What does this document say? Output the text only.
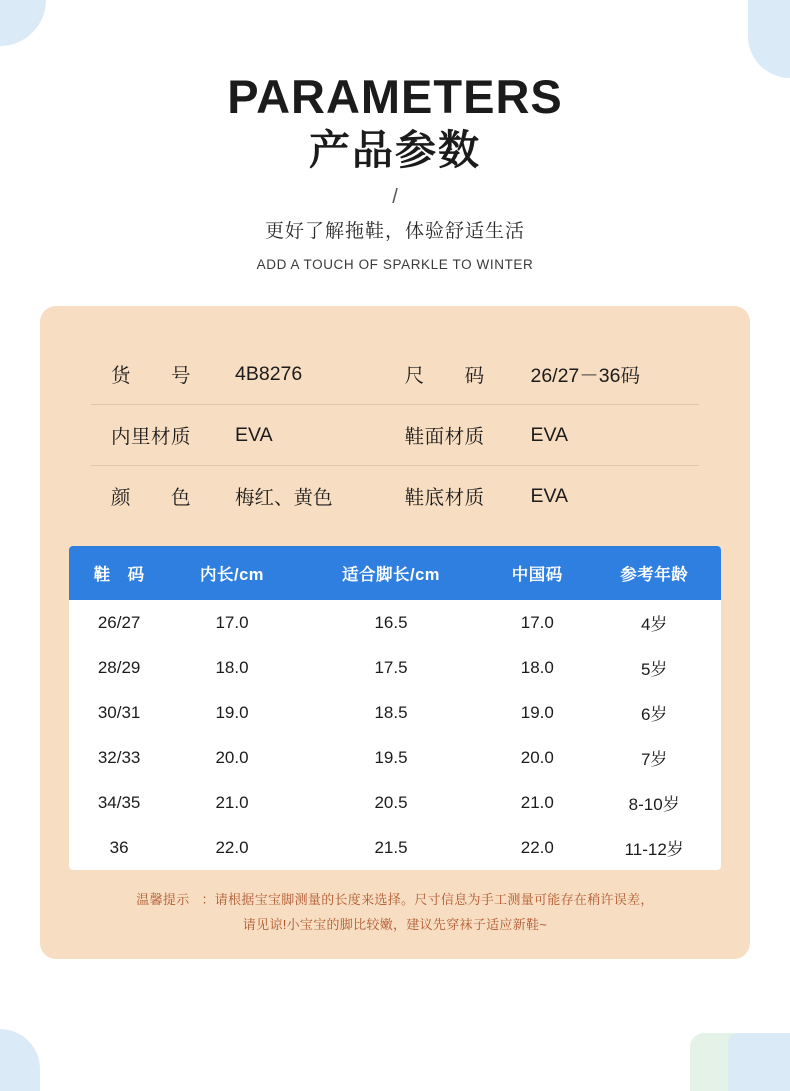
PARAMETERS
产品参数
/
更好了解拖鞋，体验舒适生活
ADD A TOUCH OF SPARKLE TO WINTER
货　　号	4B8276	尺　　码	26/27－36码
内里材质	EVA	鞋面材质	EVA
颜　　色	梅红、黄色	鞋底材质	EVA
鞋　码	内长/cm	适合脚长/cm	中国码	参考年龄
26/27	17.0	16.5	17.0	4岁
28/29	18.0	17.5	18.0	5岁
30/31	19.0	18.5	19.0	6岁
32/33	20.0	19.5	20.0	7岁
34/35	21.0	20.5	21.0	8-10岁
36	22.0	21.5	22.0	11-12岁
温馨提示 ：请根据宝宝脚测量的长度来选择。尺寸信息为手工测量可能存在稍许误差，
请见谅!小宝宝的脚比较嫩，建议先穿袜子适应新鞋~
